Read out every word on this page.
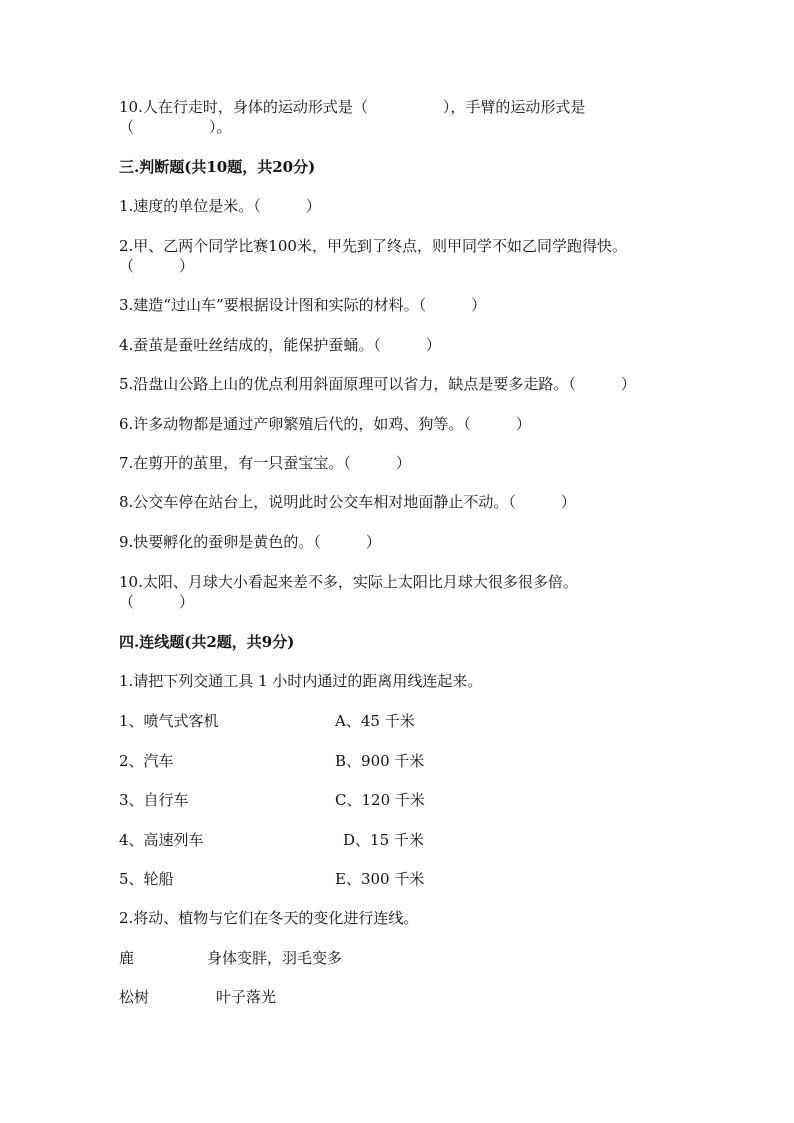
10.人在行走时，身体的运动形式是（　　　　　），手臂的运动形式是
（　　　　　）。
三.判断题(共10题，共20分)
1.速度的单位是米。（　　　）
2.甲、乙两个同学比赛100米，甲先到了终点，则甲同学不如乙同学跑得快。
（　　　）
3.建造“过山车”要根据设计图和实际的材料。（　　　）
4.蚕茧是蚕吐丝结成的，能保护蚕蛹。（　　　）
5.沿盘山公路上山的优点利用斜面原理可以省力，缺点是要多走路。（　　　）
6.许多动物都是通过产卵繁殖后代的，如鸡、狗等。（　　　）
7.在剪开的茧里，有一只蚕宝宝。（　　　）
8.公交车停在站台上，说明此时公交车相对地面静止不动。（　　　）
9.快要孵化的蚕卵是黄色的。（　　　）
10.太阳、月球大小看起来差不多，实际上太阳比月球大很多很多倍。
（　　　）
四.连线题(共2题，共9分)
1.请把下列交通工具 1 小时内通过的距离用线连起来。
1、喷气式客机	A、45 千米
2、汽车	B、900 千米
3、自行车	C、120 千米
4、高速列车	D、15 千米
5、轮船	E、300 千米
2.将动、植物与它们在冬天的变化进行连线。
鹿	身体变胖，羽毛变多
松树	叶子落光
